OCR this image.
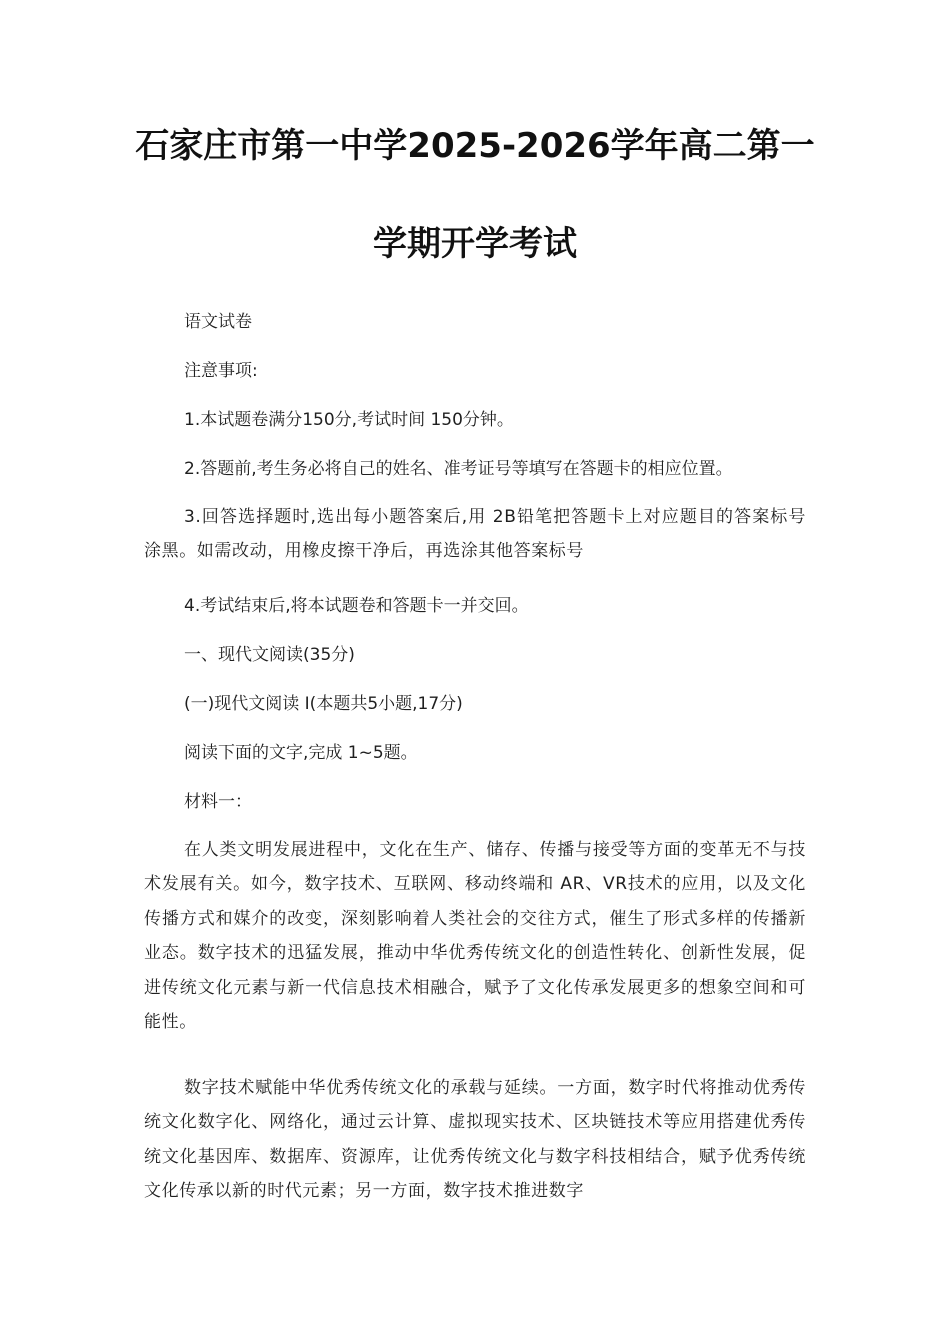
石家庄市第一中学2025-2026学年高二第一
学期开学考试
语文试卷
注意事项:
1.本试题卷满分150分,考试时间 150分钟。
2.答题前,考生务必将自己的姓名、准考证号等填写在答题卡的相应位置。
3.回答选择题时,选出每小题答案后,用 2B铅笔把答题卡上对应题目的答案标号涂黑。如需改动，用橡皮擦干净后，再选涂其他答案标号
4.考试结束后,将本试题卷和答题卡一并交回。
一、现代文阅读(35分)
(一)现代文阅读 I(本题共5小题,17分)
阅读下面的文字,完成 1~5题。
材料一：
在人类文明发展进程中，文化在生产、储存、传播与接受等方面的变革无不与技术发展有关。如今，数字技术、互联网、移动终端和 AR、VR技术的应用，以及文化传播方式和媒介的改变，深刻影响着人类社会的交往方式，催生了形式多样的传播新业态。数字技术的迅猛发展，推动中华优秀传统文化的创造性转化、创新性发展，促进传统文化元素与新一代信息技术相融合，赋予了文化传承发展更多的想象空间和可能性。
数字技术赋能中华优秀传统文化的承载与延续。一方面，数字时代将推动优秀传统文化数字化、网络化，通过云计算、虚拟现实技术、区块链技术等应用搭建优秀传统文化基因库、数据库、资源库，让优秀传统文化与数字科技相结合，赋予优秀传统文化传承以新的时代元素；另一方面，数字技术推进数字
